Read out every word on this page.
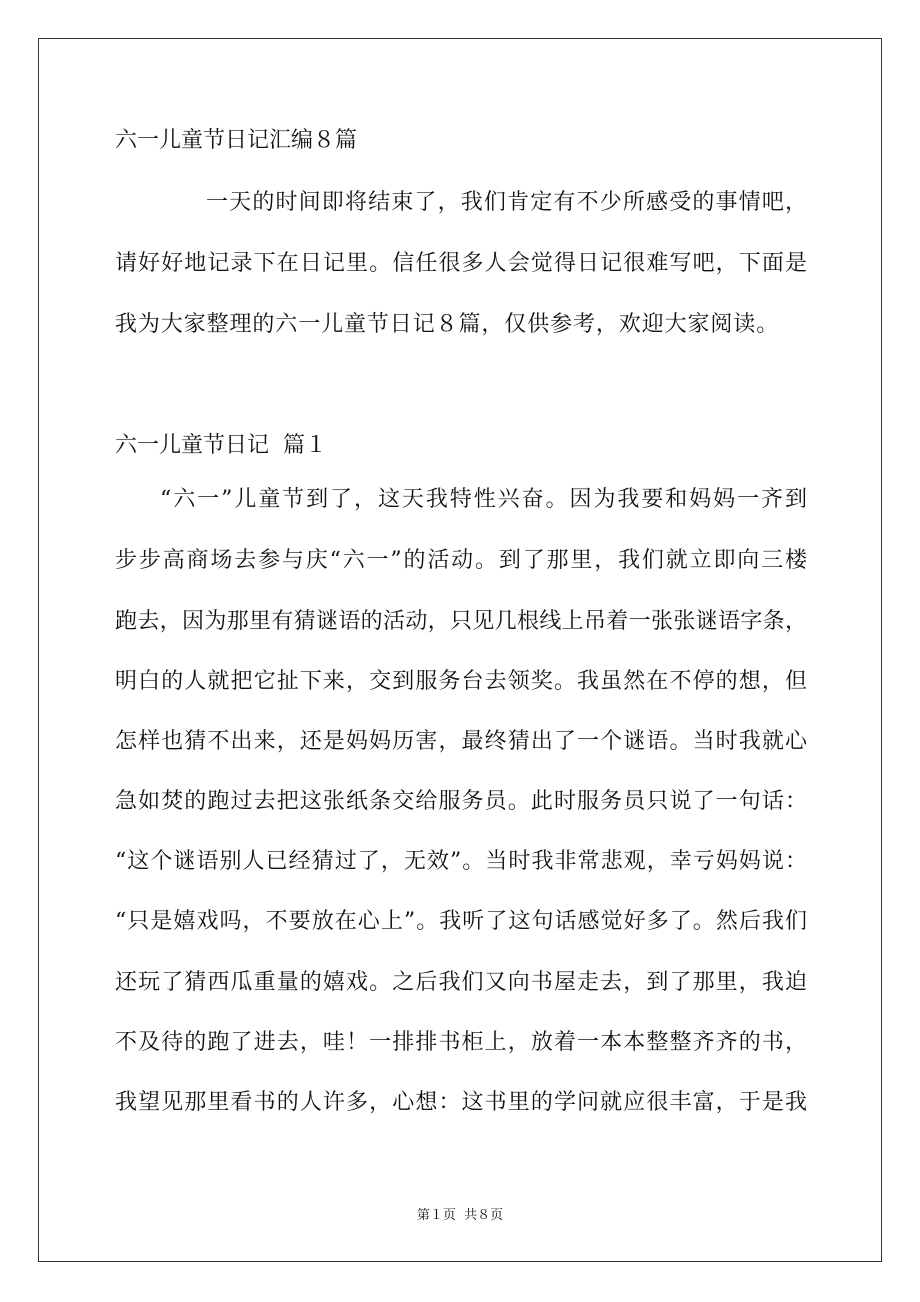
六一儿童节日记汇编８篇
一天的时间即将结束了，我们肯定有不少所感受的事情吧，
请好好地记录下在日记里。信任很多人会觉得日记很难写吧，下面是
我为大家整理的六一儿童节日记８篇，仅供参考，欢迎大家阅读。
六一儿童节日记  篇１
“六一”儿童节到了，这天我特性兴奋。因为我要和妈妈一齐到
步步高商场去参与庆“六一”的活动。到了那里，我们就立即向三楼
跑去，因为那里有猜谜语的活动，只见几根线上吊着一张张谜语字条，
明白的人就把它扯下来，交到服务台去领奖。我虽然在不停的想，但
怎样也猜不出来，还是妈妈历害，最终猜出了一个谜语。当时我就心
急如焚的跑过去把这张纸条交给服务员。此时服务员只说了一句话：
“这个谜语别人已经猜过了，无效”。当时我非常悲观，幸亏妈妈说：
“只是嬉戏吗，不要放在心上”。我听了这句话感觉好多了。然后我们
还玩了猜西瓜重量的嬉戏。之后我们又向书屋走去，到了那里，我迫
不及待的跑了进去，哇！一排排书柜上，放着一本本整整齐齐的书，
我望见那里看书的人许多，心想：这书里的学问就应很丰富，于是我
第１页  共８页
